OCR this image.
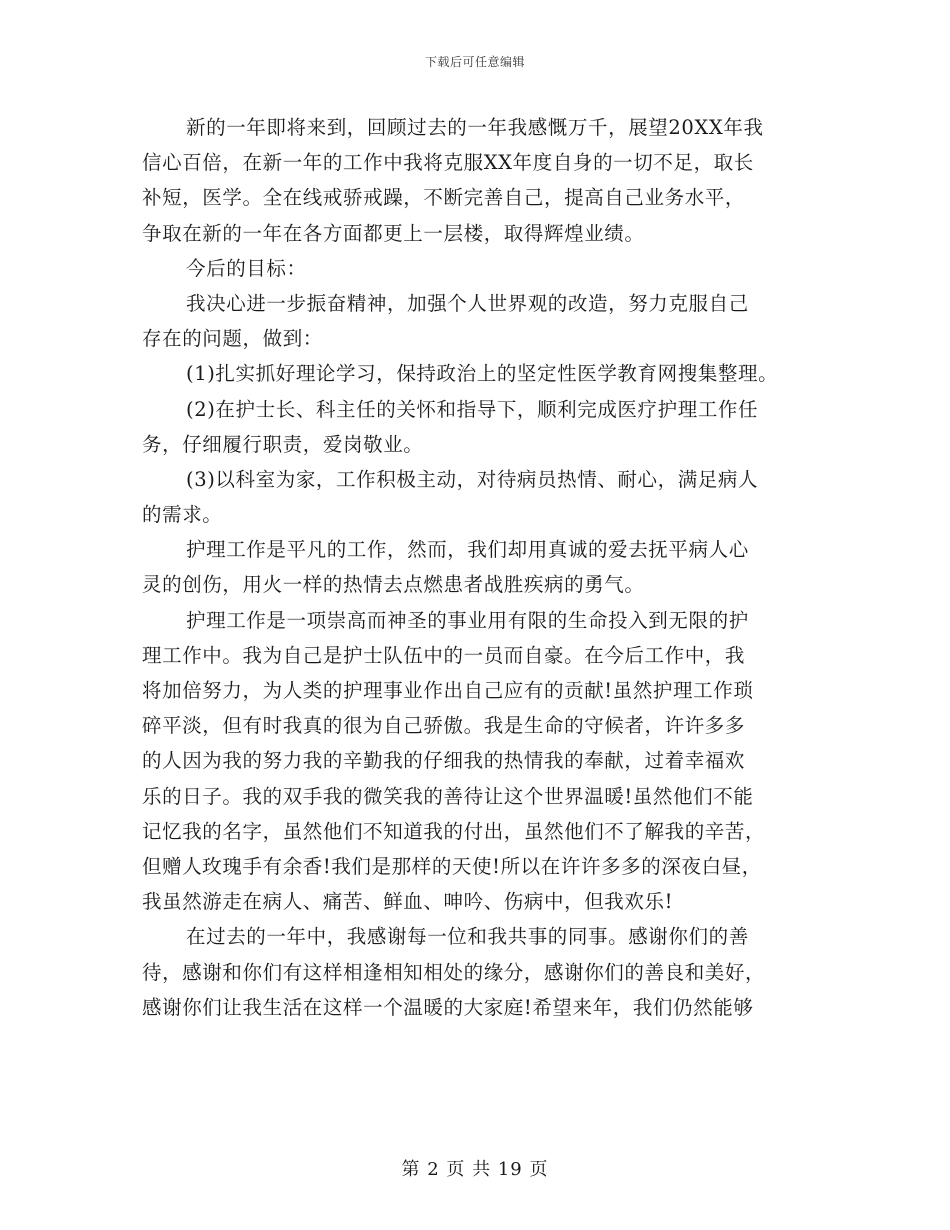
下载后可任意编辑
新的一年即将来到，回顾过去的一年我感慨万千，展望20XX年我
信心百倍，在新一年的工作中我将克服XX年度自身的一切不足，取长
补短，医学。全在线戒骄戒躁，不断完善自己，提高自己业务水平，
争取在新的一年在各方面都更上一层楼，取得辉煌业绩。
今后的目标：
我决心进一步振奋精神，加强个人世界观的改造，努力克服自己
存在的问题，做到：
(1)扎实抓好理论学习，保持政治上的坚定性医学教育网搜集整理。
(2)在护士长、科主任的关怀和指导下，顺利完成医疗护理工作任
务，仔细履行职责，爱岗敬业。
(3)以科室为家，工作积极主动，对待病员热情、耐心，满足病人
的需求。
护理工作是平凡的工作，然而，我们却用真诚的爱去抚平病人心
灵的创伤，用火一样的热情去点燃患者战胜疾病的勇气。
护理工作是一项崇高而神圣的事业用有限的生命投入到无限的护
理工作中。我为自己是护士队伍中的一员而自豪。在今后工作中，我
将加倍努力，为人类的护理事业作出自己应有的贡献!虽然护理工作琐
碎平淡，但有时我真的很为自己骄傲。我是生命的守候者，许许多多
的人因为我的努力我的辛勤我的仔细我的热情我的奉献，过着幸福欢
乐的日子。我的双手我的微笑我的善待让这个世界温暖!虽然他们不能
记忆我的名字，虽然他们不知道我的付出，虽然他们不了解我的辛苦，
但赠人玫瑰手有余香!我们是那样的天使!所以在许许多多的深夜白昼，
我虽然游走在病人、痛苦、鲜血、呻吟、伤病中，但我欢乐!
在过去的一年中，我感谢每一位和我共事的同事。感谢你们的善
待，感谢和你们有这样相逢相知相处的缘分，感谢你们的善良和美好，
感谢你们让我生活在这样一个温暖的大家庭!希望来年，我们仍然能够
第 2 页 共 19 页
